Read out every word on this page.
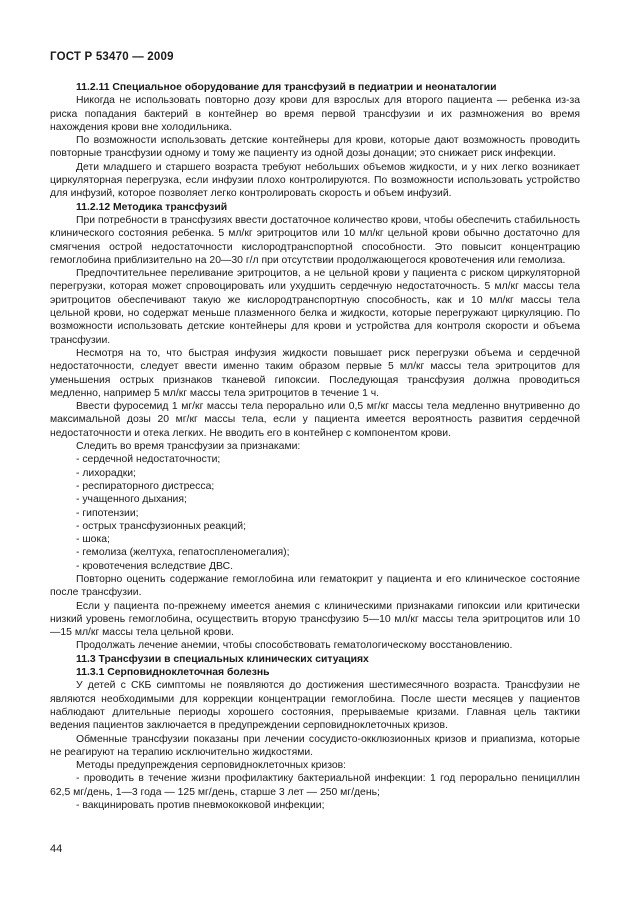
ГОСТ Р 53470 — 2009

11.2.11 Специальное оборудование для трансфузий в педиатрии и неонаталогии

Никогда не использовать повторно дозу крови для взрослых для второго пациента — ребенка из-за риска попадания бактерий в контейнер во время первой трансфузии и их размножения во время нахождения крови вне холодильника.

По возможности использовать детские контейнеры для крови, которые дают возможность проводить повторные трансфузии одному и тому же пациенту из одной дозы донации; это снижает риск инфекции.

Дети младшего и старшего возраста требуют небольших объемов жидкости, и у них легко возникает циркуляторная перегрузка, если инфузии плохо контролируются. По возможности использовать устройство для инфузий, которое позволяет легко контролировать скорость и объем инфузий.

11.2.12 Методика трансфузий

При потребности в трансфузиях ввести достаточное количество крови, чтобы обеспечить стабильность клинического состояния ребенка. 5 мл/кг эритроцитов или 10 мл/кг цельной крови обычно достаточно для смягчения острой недостаточности кислородтранспортной способности. Это повысит концентрацию гемоглобина приблизительно на 20—30 г/л при отсутствии продолжающегося кровотечения или гемолиза.

Предпочтительнее переливание эритроцитов, а не цельной крови у пациента с риском циркуляторной перегрузки, которая может спровоцировать или ухудшить сердечную недостаточность. 5 мл/кг массы тела эритроцитов обеспечивают такую же кислородтранспортную способность, как и 10 мл/кг массы тела цельной крови, но содержат меньше плазменного белка и жидкости, которые перегружают циркуляцию. По возможности использовать детские контейнеры для крови и устройства для контроля скорости и объема трансфузии.

Несмотря на то, что быстрая инфузия жидкости повышает риск перегрузки объема и сердечной недостаточности, следует ввести именно таким образом первые 5 мл/кг массы тела эритроцитов для уменьшения острых признаков тканевой гипоксии. Последующая трансфузия должна проводиться медленно, например 5 мл/кг массы тела эритроцитов в течение 1 ч.

Ввести фуросемид 1 мг/кг массы тела перорально или 0,5 мг/кг массы тела медленно внутривенно до максимальной дозы 20 мг/кг массы тела, если у пациента имеется вероятность развития сердечной недостаточности и отека легких. Не вводить его в контейнер с компонентом крови.

Следить во время трансфузии за признаками:

- сердечной недостаточности;

- лихорадки;

- респираторного дистресса;

- учащенного дыхания;

- гипотензии;

- острых трансфузионных реакций;

- шока;

- гемолиза (желтуха, гепатоспленомегалия);

- кровотечения вследствие ДВС.

Повторно оценить содержание гемоглобина или гематокрит у пациента и его клиническое состояние после трансфузии.

Если у пациента по-прежнему имеется анемия с клиническими признаками гипоксии или критически низкий уровень гемоглобина, осуществить вторую трансфузию 5—10 мл/кг массы тела эритроцитов или 10—15 мл/кг массы тела цельной крови.

Продолжать лечение анемии, чтобы способствовать гематологическому восстановлению.

11.3 Трансфузии в специальных клинических ситуациях

11.3.1 Серповидноклеточная болезнь

У детей с СКБ симптомы не появляются до достижения шестимесячного возраста. Трансфузии не являются необходимыми для коррекции концентрации гемоглобина. После шести месяцев у пациентов наблюдают длительные периоды хорошего состояния, прерываемые кризами. Главная цель тактики ведения пациентов заключается в предупреждении серповидноклеточных кризов.

Обменные трансфузии показаны при лечении сосудисто-окклюзионных кризов и приапизма, которые не реагируют на терапию исключительно жидкостями.

Методы предупреждения серповидноклеточных кризов:

- проводить в течение жизни профилактику бактериальной инфекции: 1 год перорально пенициллин 62,5 мг/день, 1—3 года — 125 мг/день, старше 3 лет — 250 мг/день;

- вакцинировать против пневмококковой инфекции;

44
